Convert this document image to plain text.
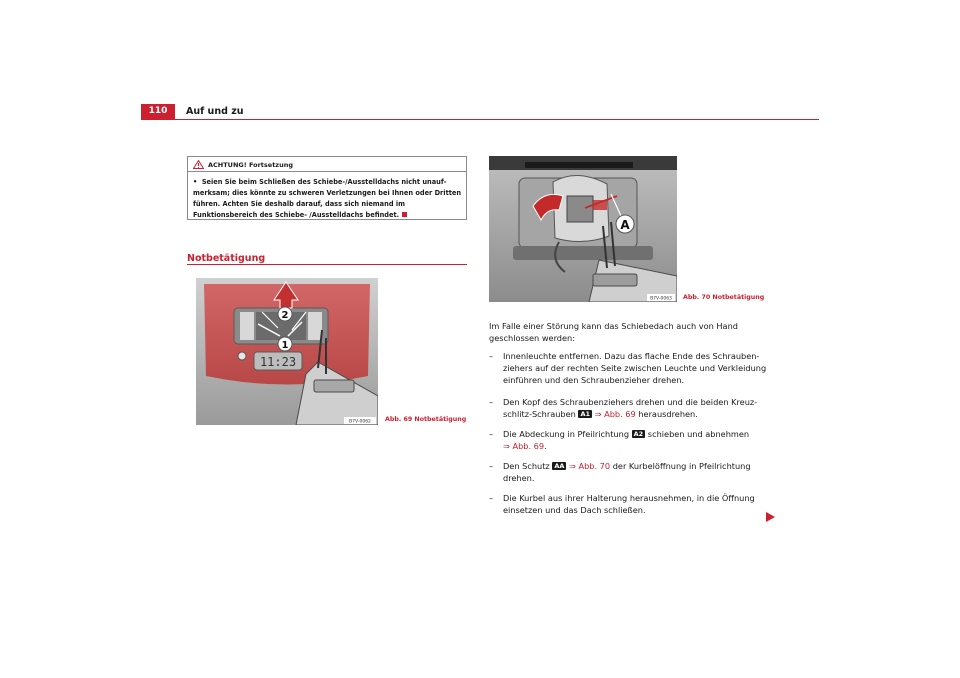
110	Auf und zu
ACHTUNG! Fortsetzung
• Seien Sie beim Schließen des Schiebe-/Ausstelldachs nicht unaufmerksam; dies könnte zu schweren Verletzungen bei Ihnen oder Dritten führen. Achten Sie deshalb darauf, dass sich niemand im Funktionsbereich des Schiebe- /Ausstelldachs befindet.
Notbetätigung
11:23
2
1
B7V-0062 Abb. 69 Notbetätigung
A
B7V-0063 Abb. 70 Notbetätigung
Im Falle einer Störung kann das Schiebedach auch von Hand geschlossen werden:
– Innenleuchte entfernen. Dazu das flache Ende des Schraubenziehers auf der rechten Seite zwischen Leuchte und Verkleidung einführen und den Schraubenzieher drehen.
– Den Kopf des Schraubenziehers drehen und die beiden Kreuzschlitz-Schrauben A1 ⇒ Abb. 69 herausdrehen.
– Die Abdeckung in Pfeilrichtung A2 schieben und abnehmen
⇒ Abb. 69.
– Den Schutz AA ⇒ Abb. 70 der Kurbelöffnung in Pfeilrichtung drehen.
– Die Kurbel aus ihrer Halterung herausnehmen, in die Öffnung einsetzen und das Dach schließen.
